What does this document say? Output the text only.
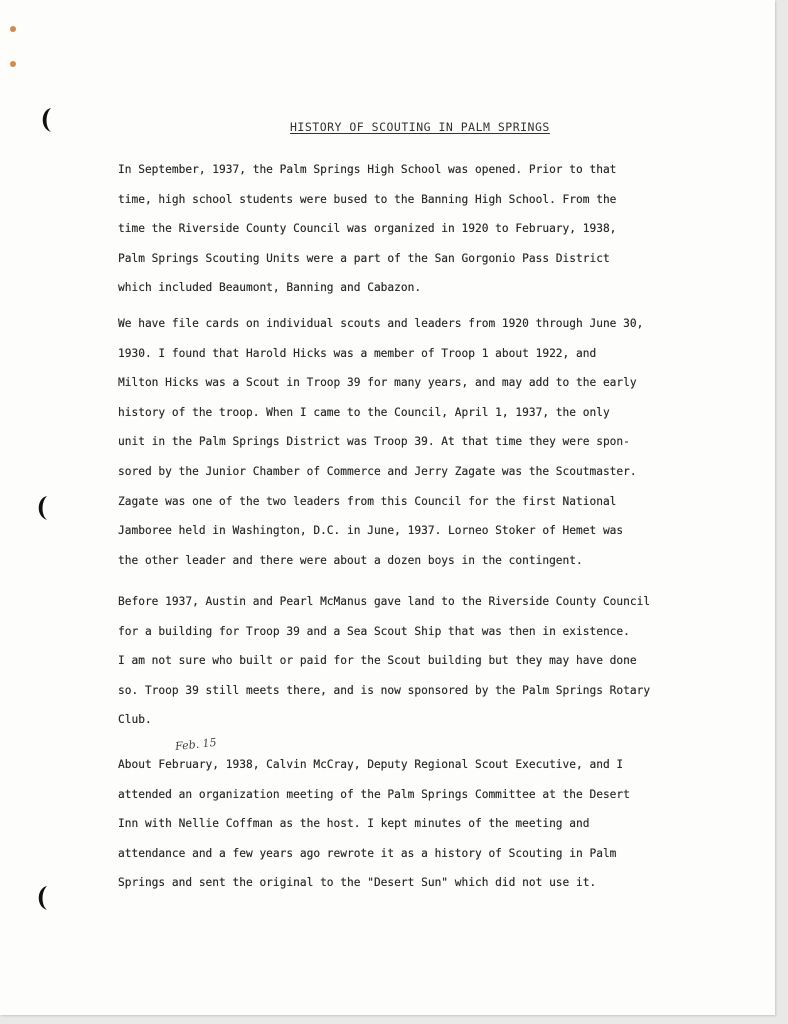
HISTORY OF SCOUTING IN PALM SPRINGS
In September, 1937, the Palm Springs High School was opened. Prior to that
time, high school students were bused to the Banning High School. From the
time the Riverside County Council was organized in 1920 to February, 1938,
Palm Springs Scouting Units were a part of the San Gorgonio Pass District
which included Beaumont, Banning and Cabazon.
We have file cards on individual scouts and leaders from 1920 through June 30,
1930. I found that Harold Hicks was a member of Troop 1 about 1922, and
Milton Hicks was a Scout in Troop 39 for many years, and may add to the early
history of the troop. When I came to the Council, April 1, 1937, the only
unit in the Palm Springs District was Troop 39. At that time they were spon-
sored by the Junior Chamber of Commerce and Jerry Zagate was the Scoutmaster.
Zagate was one of the two leaders from this Council for the first National
Jamboree held in Washington, D.C. in June, 1937. Lorneo Stoker of Hemet was
the other leader and there were about a dozen boys in the contingent.
Before 1937, Austin and Pearl McManus gave land to the Riverside County Council
for a building for Troop 39 and a Sea Scout Ship that was then in existence.
I am not sure who built or paid for the Scout building but they may have done
so. Troop 39 still meets there, and is now sponsored by the Palm Springs Rotary
Club.
Feb. 15
About February, 1938, Calvin McCray, Deputy Regional Scout Executive, and I
attended an organization meeting of the Palm Springs Committee at the Desert
Inn with Nellie Coffman as the host. I kept minutes of the meeting and
attendance and a few years ago rewrote it as a history of Scouting in Palm
Springs and sent the original to the "Desert Sun" which did not use it.
